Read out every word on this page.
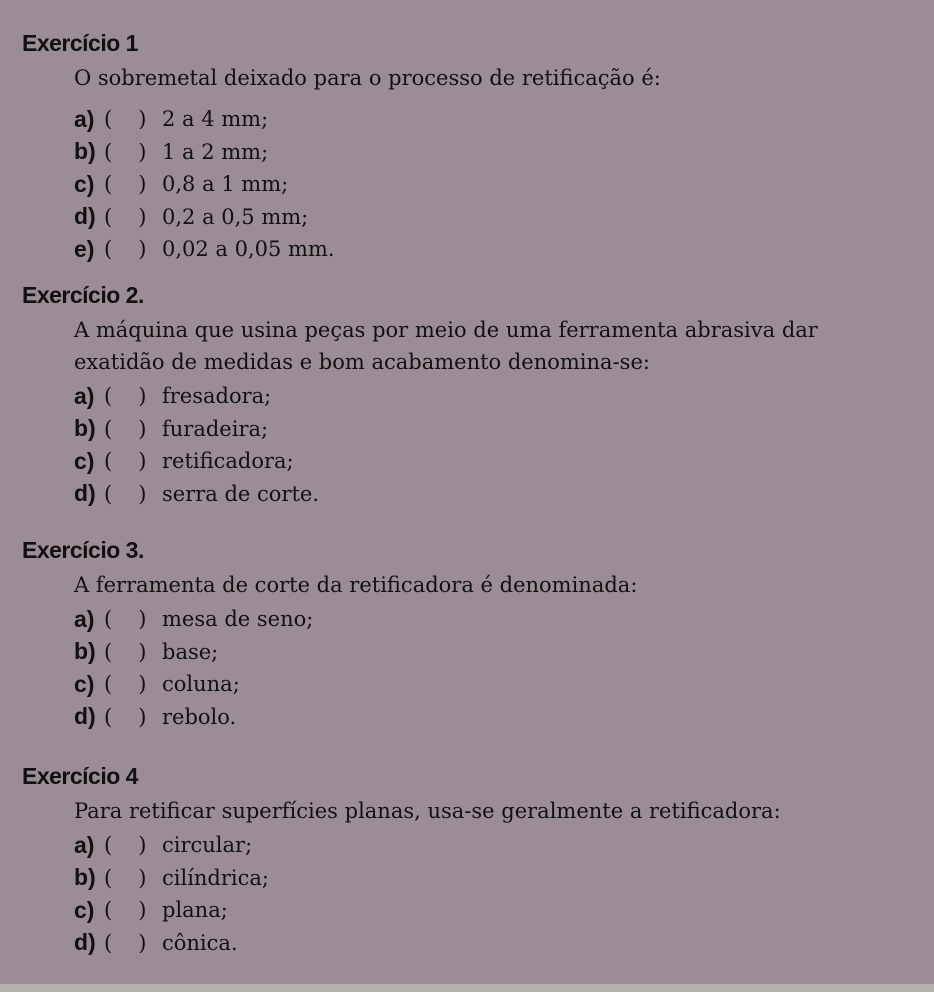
Exercício 1
O sobremetal deixado para o processo de retificação é:
a) ( ) 2 a 4 mm;
b) ( ) 1 a 2 mm;
c) ( ) 0,8 a 1 mm;
d) ( ) 0,2 a 0,5 mm;
e) ( ) 0,02 a 0,05 mm.
Exercício 2.
A máquina que usina peças por meio de uma ferramenta abrasiva dar
exatidão de medidas e bom acabamento denomina-se:
a) ( ) fresadora;
b) ( ) furadeira;
c) ( ) retificadora;
d) ( ) serra de corte.
Exercício 3.
A ferramenta de corte da retificadora é denominada:
a) ( ) mesa de seno;
b) ( ) base;
c) ( ) coluna;
d) ( ) rebolo.
Exercício 4
Para retificar superfícies planas, usa-se geralmente a retificadora:
a) ( ) circular;
b) ( ) cilíndrica;
c) ( ) plana;
d) ( ) cônica.
